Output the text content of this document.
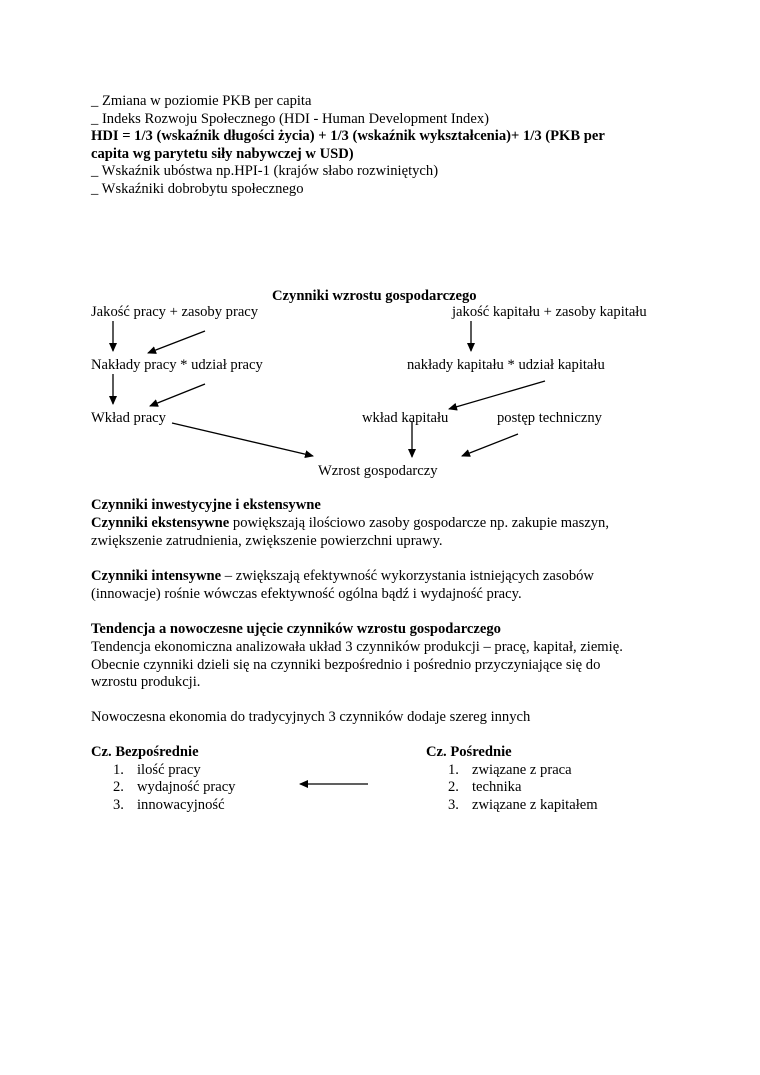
_ Zmiana w poziomie PKB per capita
_ Indeks Rozwoju Społecznego (HDI - Human Development Index)
HDI = 1/3 (wskaźnik długości życia) + 1/3 (wskaźnik wykształcenia)+ 1/3 (PKB per
capita wg parytetu siły nabywczej w USD)
_ Wskaźnik ubóstwa np.HPI-1 (krajów słabo rozwiniętych)
_ Wskaźniki dobrobytu społecznego
Czynniki wzrostu gospodarczego
Jakość pracy + zasoby pracy	jakość kapitału + zasoby kapitału
Nakłady pracy * udział pracy	nakłady kapitału * udział kapitału
Wkład pracy	wkład kapitału	postęp techniczny
Wzrost gospodarczy
Czynniki inwestycyjne i ekstensywne
Czynniki ekstensywne powiększają ilościowo zasoby gospodarcze np. zakupie maszyn,
zwiększenie zatrudnienia, zwiększenie powierzchni uprawy.
Czynniki intensywne – zwiększają efektywność wykorzystania istniejących zasobów
(innowacje) rośnie wówczas efektywność ogólna bądź i wydajność pracy.
Tendencja a nowoczesne ujęcie czynników wzrostu gospodarczego
Tendencja ekonomiczna analizowała układ 3 czynników produkcji – pracę, kapitał, ziemię.
Obecnie czynniki dzieli się na czynniki bezpośrednio i pośrednio przyczyniające się do
wzrostu produkcji.
Nowoczesna ekonomia do tradycyjnych 3 czynników dodaje szereg innych
Cz. Bezpośrednie
1. ilość pracy
2. wydajność pracy
3. innowacyjność
Cz. Pośrednie
1. związane z praca
2. technika
3. związane z kapitałem
